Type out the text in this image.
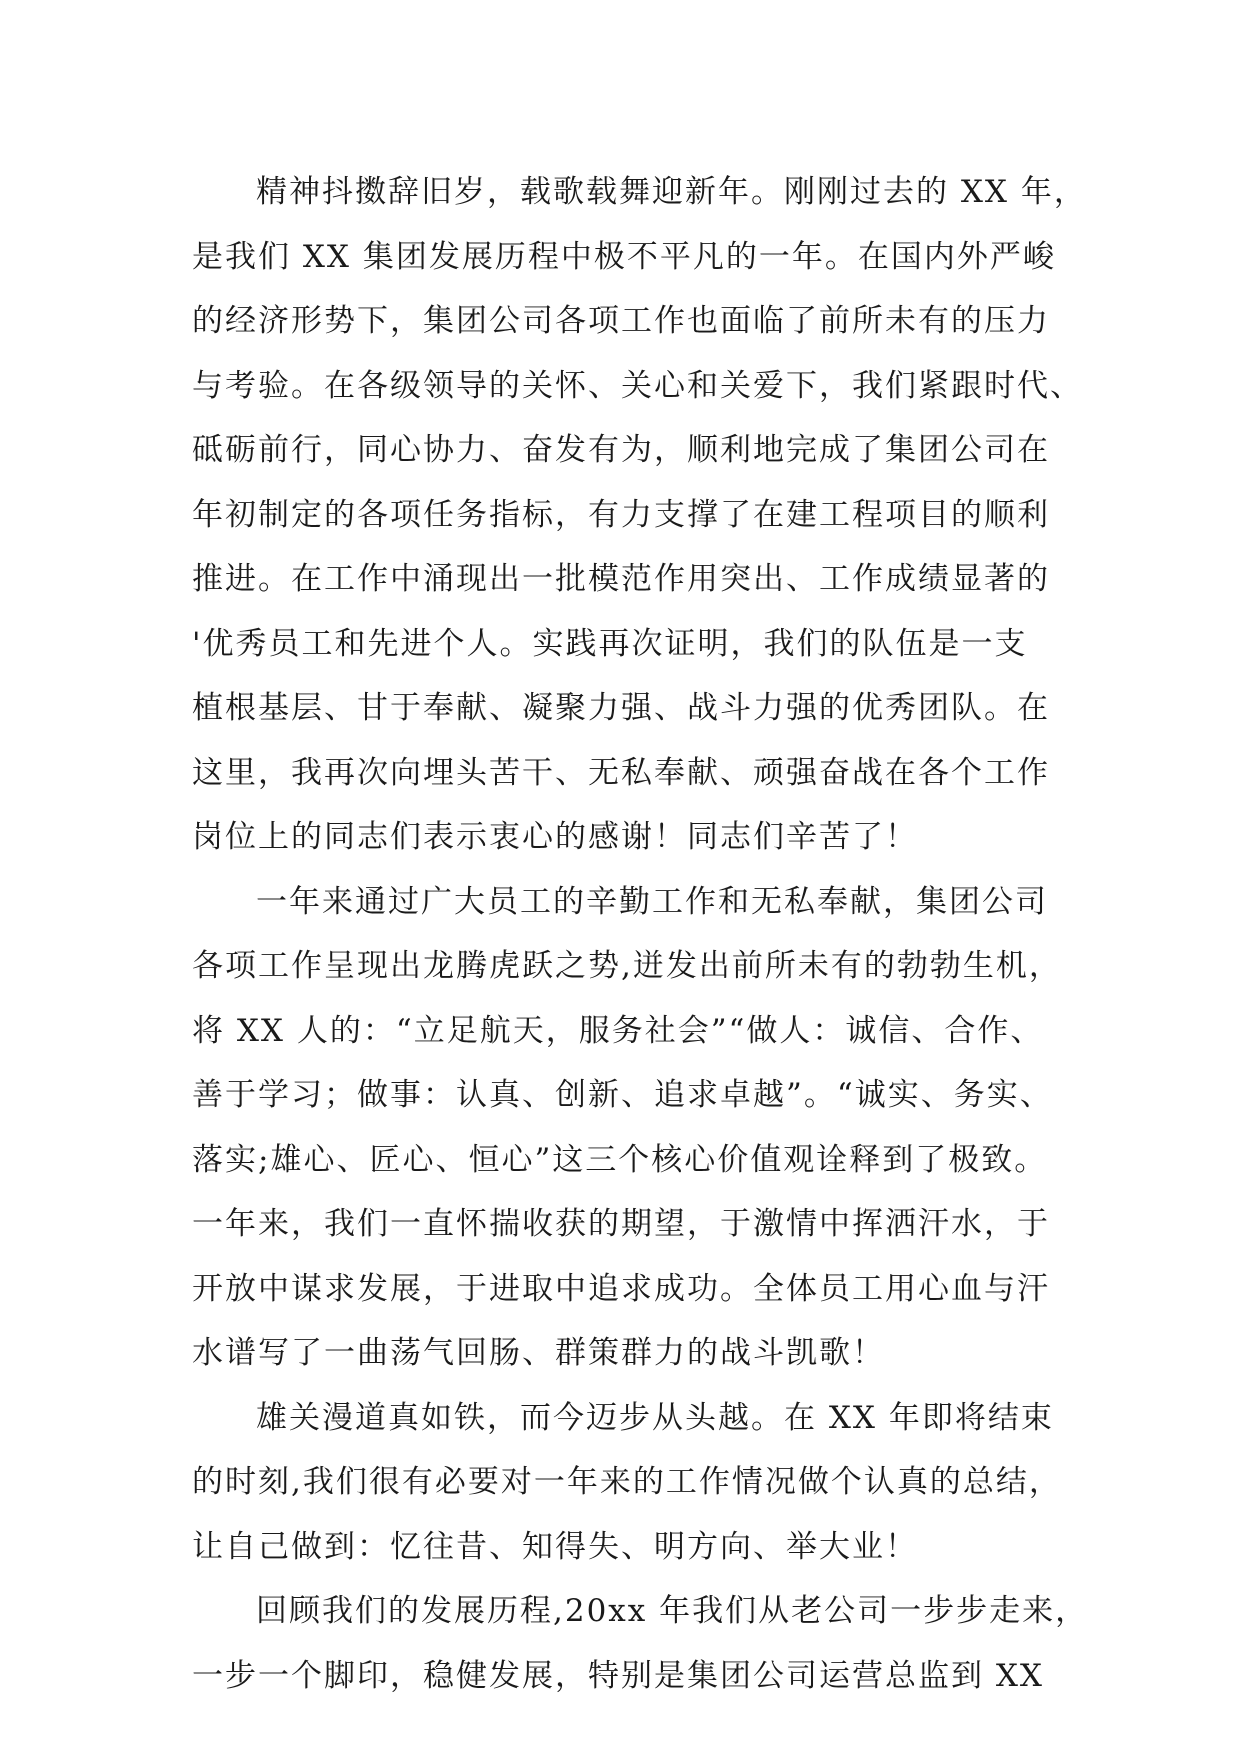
精神抖擞辞旧岁，载歌载舞迎新年。刚刚过去的 XX 年，
是我们 XX 集团发展历程中极不平凡的一年。在国内外严峻
的经济形势下，集团公司各项工作也面临了前所未有的压力
与考验。在各级领导的关怀、关心和关爱下，我们紧跟时代、
砥砺前行，同心协力、奋发有为，顺利地完成了集团公司在
年初制定的各项任务指标，有力支撑了在建工程项目的顺利
推进。在工作中涌现出一批模范作用突出、工作成绩显著的
'优秀员工和先进个人。实践再次证明，我们的队伍是一支
植根基层、甘于奉献、凝聚力强、战斗力强的优秀团队。在
这里，我再次向埋头苦干、无私奉献、顽强奋战在各个工作
岗位上的同志们表示衷心的感谢！同志们辛苦了！
一年来通过广大员工的辛勤工作和无私奉献，集团公司
各项工作呈现出龙腾虎跃之势,迸发出前所未有的勃勃生机，
将 XX 人的：“立足航天，服务社会”“做人：诚信、合作、
善于学习；做事：认真、创新、追求卓越”。“诚实、务实、
落实;雄心、匠心、恒心”这三个核心价值观诠释到了极致。
一年来，我们一直怀揣收获的期望，于激情中挥洒汗水，于
开放中谋求发展，于进取中追求成功。全体员工用心血与汗
水谱写了一曲荡气回肠、群策群力的战斗凯歌！
雄关漫道真如铁，而今迈步从头越。在 XX 年即将结束
的时刻,我们很有必要对一年来的工作情况做个认真的总结，
让自己做到：忆往昔、知得失、明方向、举大业！
回顾我们的发展历程,20xx 年我们从老公司一步步走来，
一步一个脚印，稳健发展，特别是集团公司运营总监到 XX
